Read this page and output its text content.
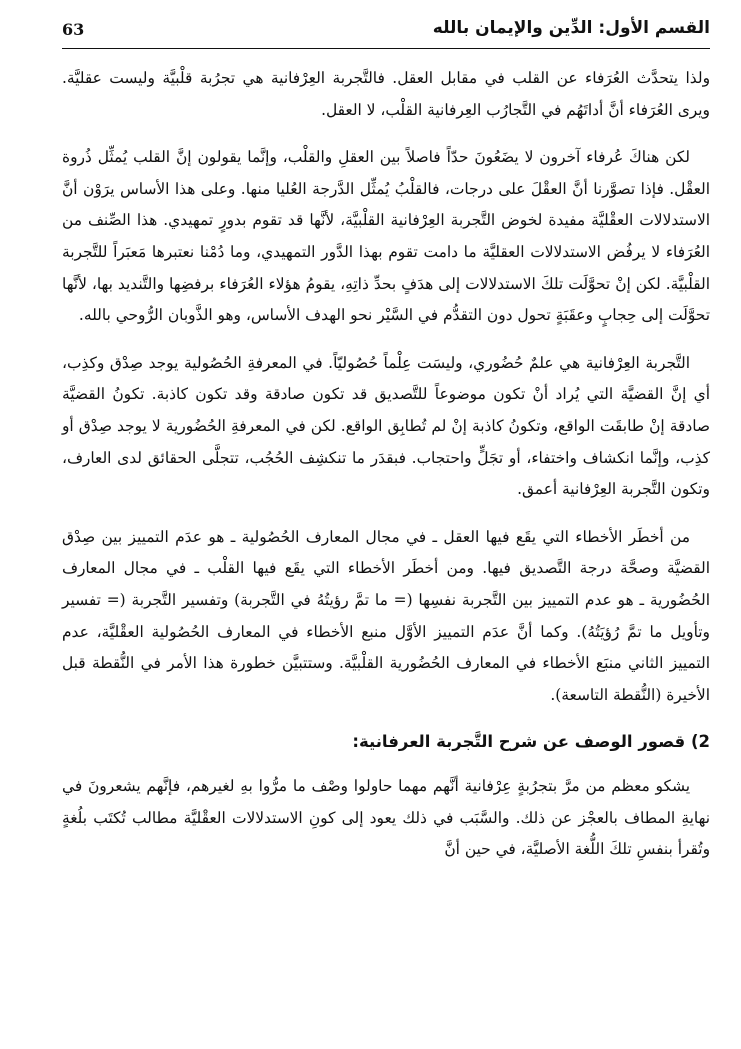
القسم الأول: الدِّين والإيمان بالله
63

ولذا يتحدَّث العُرَفاء عن القلب في مقابل العقل. فالتَّجربة العِرْفانية هي تجرُبة قلْبيَّة وليست عقليَّة. ويرى العُرَفاء أنَّ أداتَهُم في التَّجارُب العِرفانية القلْب، لا العقل.

لكن هناكَ عُرفاء آخرون لا يضَعُونَ حدّاً فاصلاً بين العقلِ والقلْب، وإنَّما يقولون إنَّ القلب يُمثِّل ذُروة العقْل. فإذا تصوَّرنا أنَّ العقْلَ على درجات، فالقلْبُ يُمثِّل الدَّرجة العُليا منها. وعلى هذا الأساس يرَوْن أنَّ الاستدلالات العقْليَّة مفيدة لخوض التَّجربة العِرْفانية القلْبيَّة، لأنَّها قد تقوم بدورٍ تمهيدي. هذا الصِّنف من العُرَفاء لا يرفُض الاستدلالات العقليَّة ما دامت تقوم بهذا الدَّور التمهيدي، وما دُمْنا نعتبرها مَعبَراً للتَّجربة القلْبيَّة. لكن إنْ تحوَّلَت تلكَ الاستدلالات إلى هدَفٍ بحدِّ ذاتِهِ، يقومُ هؤلاء العُرَفاء برفضِها والتَّنديد بها، لأنَّها تحوَّلَت إلى حِجابٍ وعقَبَةٍ تحول دون التقدُّم في السَّيْر نحو الهدف الأساس، وهو الذَّوبان الرُّوحي بالله.

التَّجربة العِرْفانية هي علمٌ حُضُوري، وليسَت عِلْماً حُصُوليّاً. في المعرفةِ الحُصُولية يوجد صِدْق وكذِب، أي إنَّ القضيَّة التي يُراد أنْ تكون موضوعاً للتَّصديق قد تكون صادقة وقد تكون كاذبة. تكونُ القضيَّة صادقة إنْ طابقَت الواقع، وتكونُ كاذبة إنْ لم تُطابِق الواقع. لكن في المعرفةِ الحُضُورية لا يوجد صِدْق أو كذِب، وإنَّما انكشاف واختفاء، أو تجَلٍّ واحتجاب. فبقدَر ما تنكشِف الحُجُب، تتجلَّى الحقائق لدى العارف، وتكون التَّجربة العِرْفانية أعمق.

من أخطَر الأخطاء التي يقَع فيها العقل ـ في مجال المعارف الحُصُولية ـ هو عدَم التمييز بين صِدْق القضيَّة وصحَّة درجة التَّصديق فيها. ومن أخطَر الأخطاء التي يقَع فيها القلْب ـ في مجال المعارف الحُضُورية ـ هو عدم التمييز بين التَّجربة نفسِها (= ما تمَّ رؤيتُهُ في التَّجربة) وتفسير التَّجربة (= تفسير وتأويل ما تمَّ رُؤيَتُهُ). وكما أنَّ عدَم التمييز الأوَّل منبع الأخطاء في المعارف الحُصُولية العقْليَّة، عدم التمييز الثاني منبَع الأخطاء في المعارف الحُضُورية القلْبيَّة. وستتبيَّن خطورة هذا الأمر في النُّقطة قبل الأخيرة (النُّقطة التاسعة).

2) قصور الوصف عن شرح التَّجربة العرفانية:

يشكو معظم من مرَّ بتجرُبةٍ عِرْفانية أنَّهم مهما حاولوا وصْف ما مرُّوا بهِ لغيرهم، فإنَّهم يشعرونَ في نهايةِ المطاف بالعجْز عن ذلك. والسَّبَب في ذلك يعود إلى كونِ الاستدلالات العقْليَّة مطالب تُكتَب بلُغةٍ وتُقرأ بنفسِ تلكَ اللُّغة الأصليَّة، في حين أنَّ
